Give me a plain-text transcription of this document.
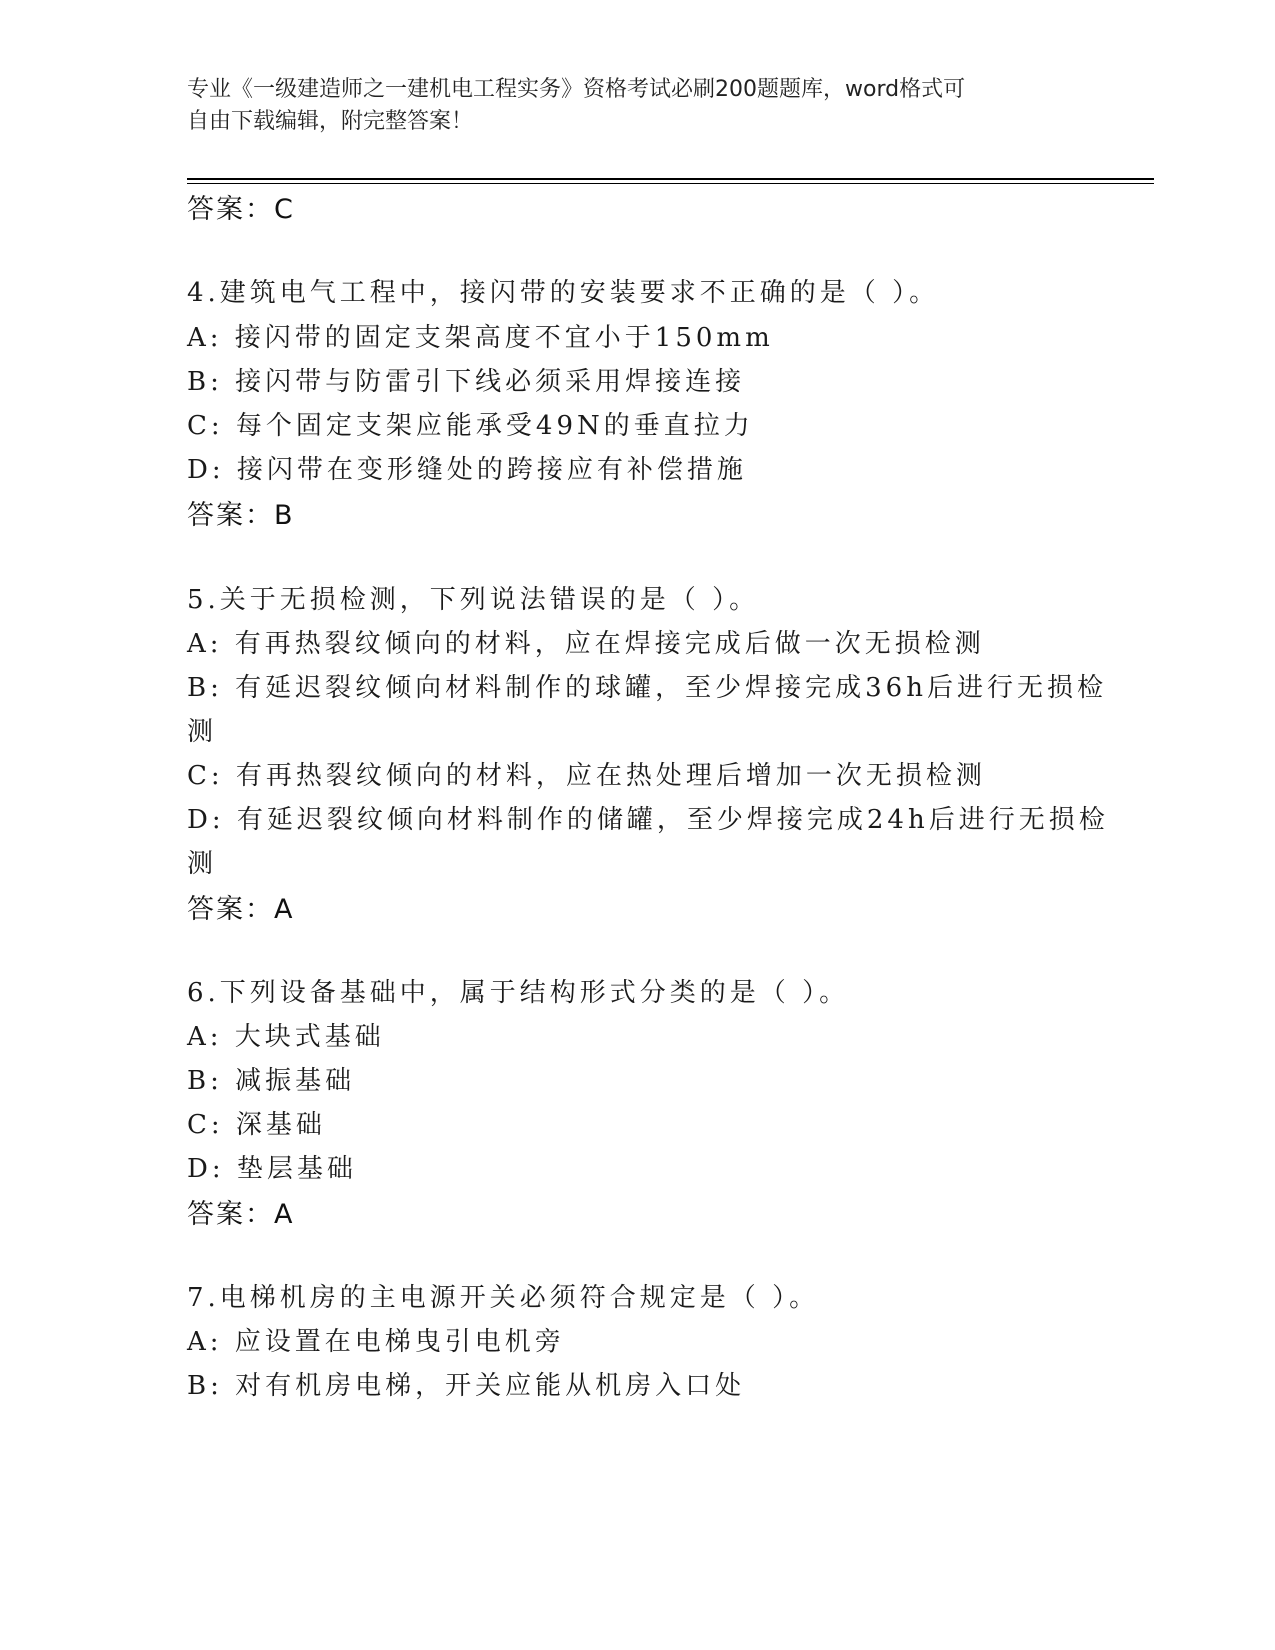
专业《一级建造师之一建机电工程实务》资格考试必刷200题题库，word格式可
自由下载编辑，附完整答案！
答案：C
4.建筑电气工程中，接闪带的安装要求不正确的是（ ）。
A: 接闪带的固定支架高度不宜小于150mm
B: 接闪带与防雷引下线必须采用焊接连接
C: 每个固定支架应能承受49N的垂直拉力
D: 接闪带在变形缝处的跨接应有补偿措施
答案：B
5.关于无损检测，下列说法错误的是（ ）。
A: 有再热裂纹倾向的材料，应在焊接完成后做一次无损检测
B: 有延迟裂纹倾向材料制作的球罐，至少焊接完成36h后进行无损检
测
C: 有再热裂纹倾向的材料，应在热处理后增加一次无损检测
D: 有延迟裂纹倾向材料制作的储罐，至少焊接完成24h后进行无损检
测
答案：A
6.下列设备基础中，属于结构形式分类的是（ ）。
A: 大块式基础
B: 减振基础
C: 深基础
D: 垫层基础
答案：A
7.电梯机房的主电源开关必须符合规定是（ ）。
A: 应设置在电梯曳引电机旁
B: 对有机房电梯，开关应能从机房入口处
